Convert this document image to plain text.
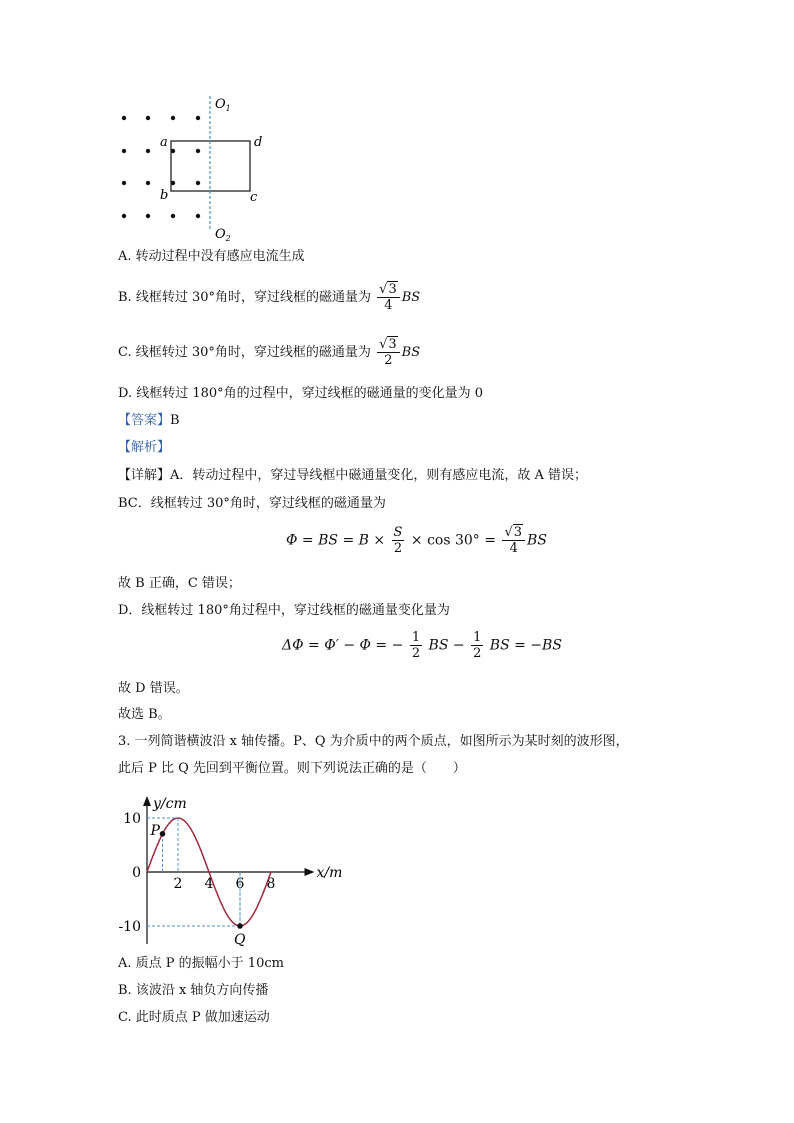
$O_1$
$O_2$
a
b
d
c
A. 转动过程中没有感应电流生成
B. 线框转过 30°角时，穿过线框的磁通量为 $\frac{√3}{4}$ BS
C. 线框转过 30°角时，穿过线框的磁通量为 $\frac{√3}{2}$ BS
D. 线框转过 180°角的过程中，穿过线框的磁通量的变化量为 0
【答案】B
【解析】
【详解】A．转动过程中，穿过导线框中磁通量变化，则有感应电流，故 A 错误；
BC．线框转过 30°角时，穿过线框的磁通量为
Φ = BS = $B \times \frac{S}{2} \times \cos 30^\circ = \frac{√3}{4}$ BS
故 B 正确，C 错误；
D．线框转过 180°角过程中，穿过线框的磁通量变化量为
ΔΦ = Φ′ − Φ = − $\frac{1}{2}$ BS − $\frac{1}{2}$ BS = −BS
故 D 错误。
故选 B。
3. 一列简谐横波沿 x 轴传播。P、Q 为介质中的两个质点，如图所示为某时刻的波形图，
此后 P 比 Q 先回到平衡位置。则下列说法正确的是（　　）
y/cm
x/m
10
0
-10
2 4 6 8
P
Q
A. 质点 P 的振幅小于 10cm
B. 该波沿 x 轴负方向传播
C. 此时质点 P 做加速运动
